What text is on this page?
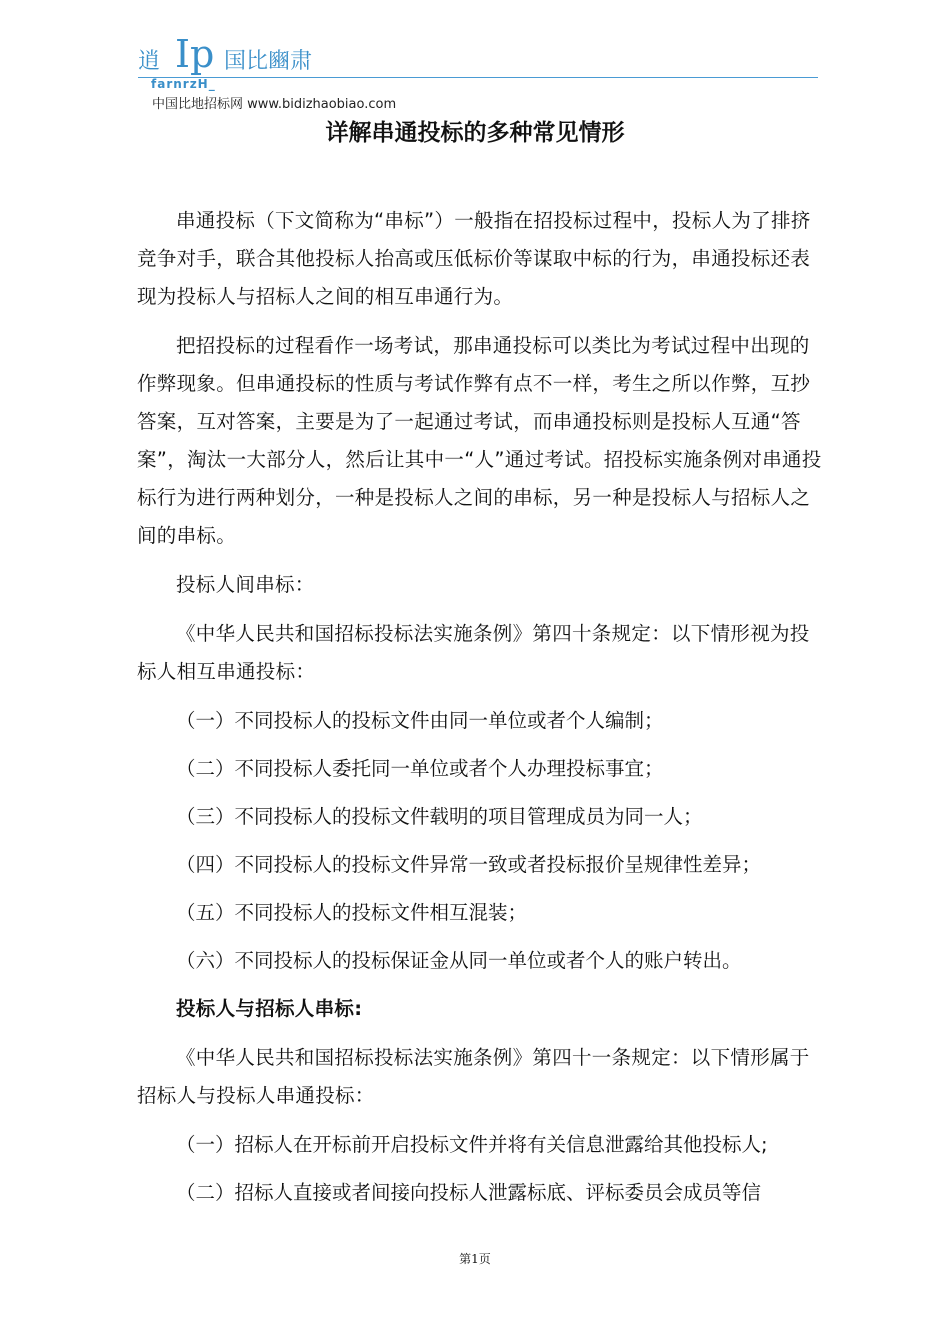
逍 Ip 国比豳肃
farnrzH_
中国比地招标网 www.bidizhaobiao.com
详解串通投标的多种常见情形

串通投标（下文简称为“串标”）一般指在招投标过程中，投标人为了排挤竞争对手，联合其他投标人抬高或压低标价等谋取中标的行为，串通投标还表现为投标人与招标人之间的相互串通行为。

把招投标的过程看作一场考试，那串通投标可以类比为考试过程中出现的作弊现象。但串通投标的性质与考试作弊有点不一样，考生之所以作弊，互抄答案，互对答案，主要是为了一起通过考试，而串通投标则是投标人互通“答案”，淘汰一大部分人，然后让其中一“人”通过考试。招投标实施条例对串通投标行为进行两种划分，一种是投标人之间的串标，另一种是投标人与招标人之间的串标。

投标人间串标：

《中华人民共和国招标投标法实施条例》第四十条规定：以下情形视为投标人相互串通投标：

（一）不同投标人的投标文件由同一单位或者个人编制；
（二）不同投标人委托同一单位或者个人办理投标事宜；
（三）不同投标人的投标文件载明的项目管理成员为同一人；
（四）不同投标人的投标文件异常一致或者投标报价呈规律性差异；
（五）不同投标人的投标文件相互混装；
（六）不同投标人的投标保证金从同一单位或者个人的账户转出。

投标人与招标人串标:

《中华人民共和国招标投标法实施条例》第四十一条规定：以下情形属于招标人与投标人串通投标：

（一）招标人在开标前开启投标文件并将有关信息泄露给其他投标人;
（二）招标人直接或者间接向投标人泄露标底、评标委员会成员等信
第1页
